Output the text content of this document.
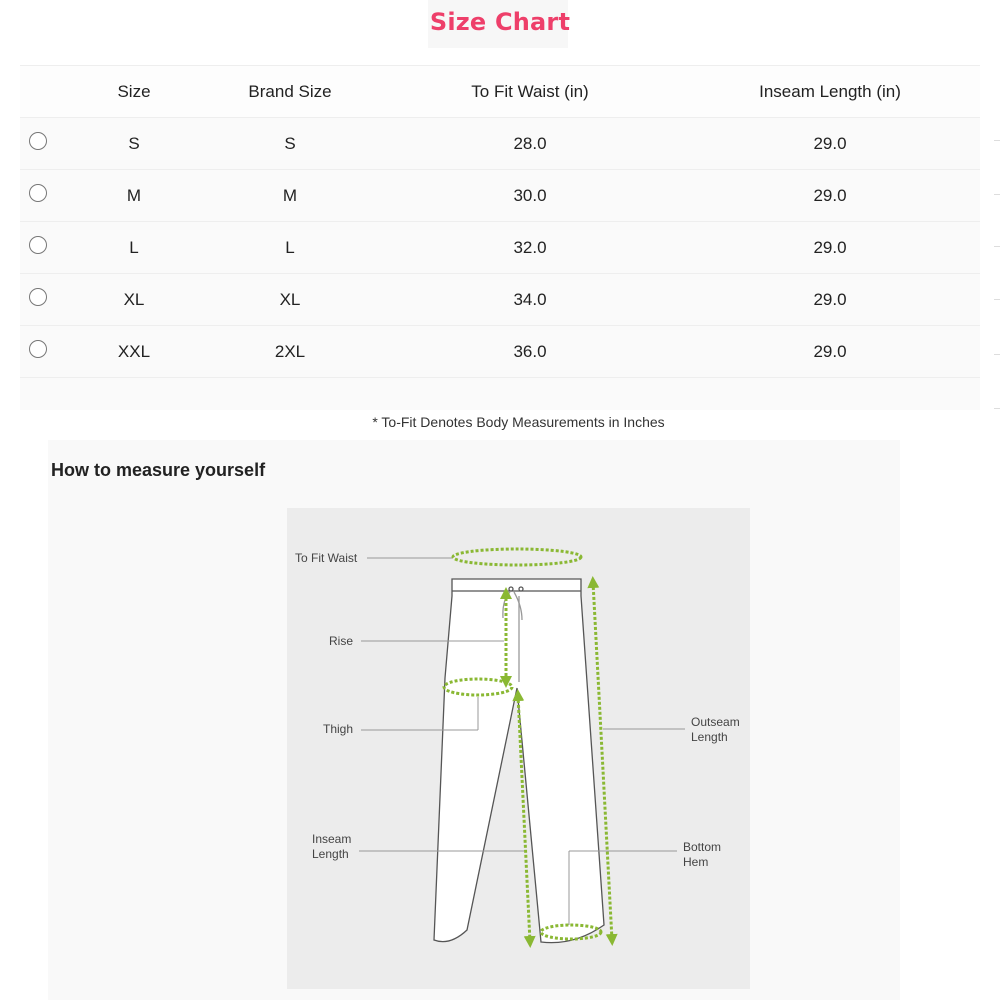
Size Chart
Size	Brand Size	To Fit Waist (in)	Inseam Length (in)
S	S	28.0	29.0
M	M	30.0	29.0
L	L	32.0	29.0
XL	XL	34.0	29.0
XXL	2XL	36.0	29.0
* To-Fit Denotes Body Measurements in Inches
How to measure yourself
To Fit Waist
Rise
Thigh
Inseam
Length
Outseam
Length
Bottom
Hem
